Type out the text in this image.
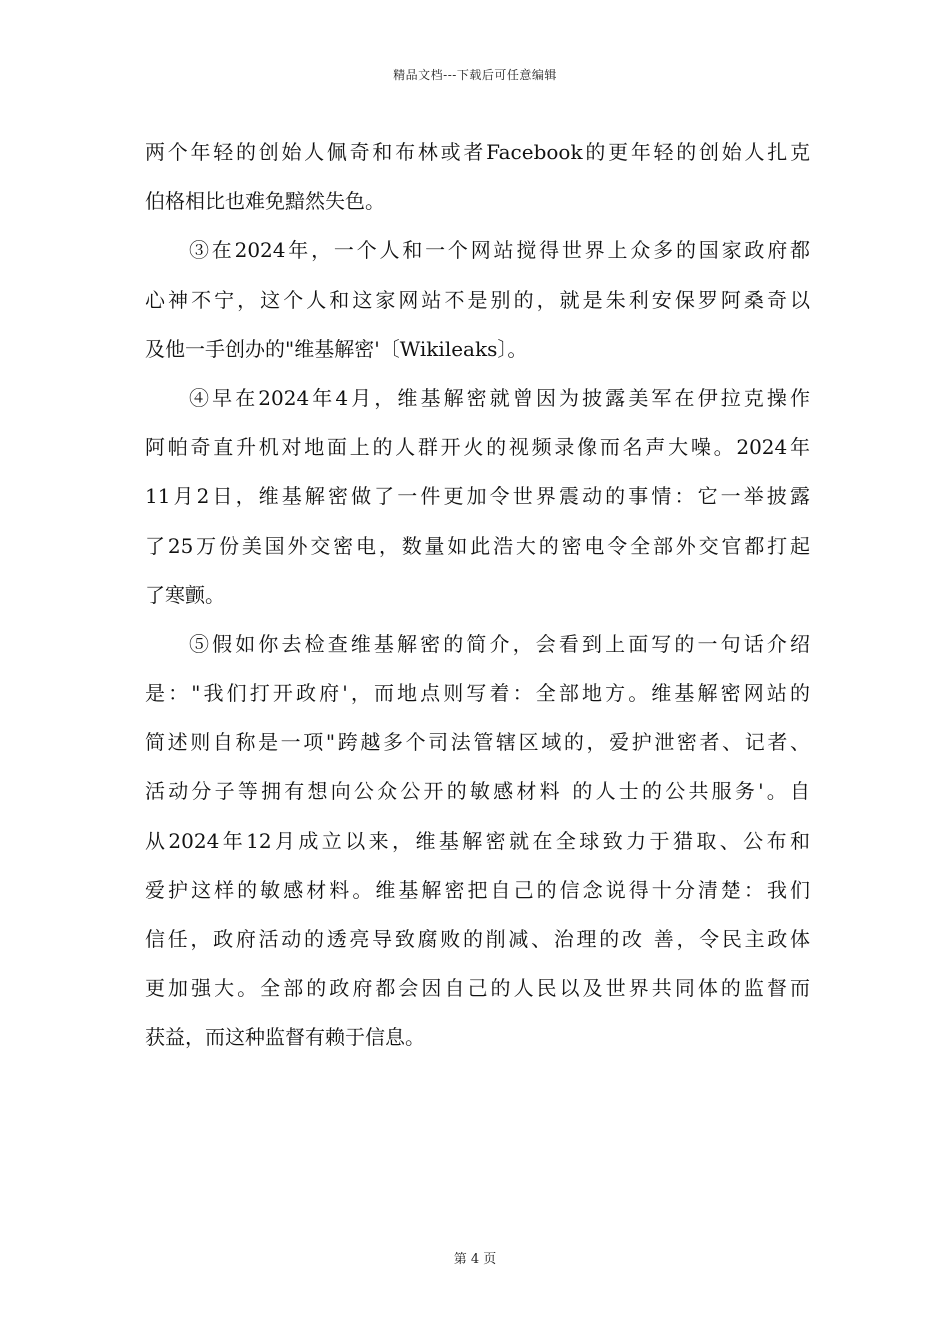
精品文档---下载后可任意编辑
两个年轻的创始人佩奇和布林或者Facebook的更年轻的创始人扎克
伯格相比也难免黯然失色。
③在2024年，一个人和一个网站搅得世界上众多的国家政府都
心神不宁，这个人和这家网站不是别的，就是朱利安保罗阿桑奇以
及他一手创办的"维基解密'〔Wikileaks〕。
④早在2024年4月，维基解密就曾因为披露美军在伊拉克操作
阿帕奇直升机对地面上的人群开火的视频录像而名声大噪。2024年
11月2日，维基解密做了一件更加令世界震动的事情：它一举披露
了25万份美国外交密电，数量如此浩大的密电令全部外交官都打起
了寒颤。
⑤假如你去检查维基解密的简介，会看到上面写的一句话介绍
是："我们打开政府'，而地点则写着：全部地方。维基解密网站的
简述则自称是一项"跨越多个司法管辖区域的，爱护泄密者、记者、
活动分子等拥有想向公众公开的敏感材料 的人士的公共服务'。自
从2024年12月成立以来，维基解密就在全球致力于猎取、公布和
爱护这样的敏感材料。维基解密把自己的信念说得十分清楚：我们
信任，政府活动的透亮导致腐败的削减、治理的改 善，令民主政体
更加强大。全部的政府都会因自己的人民以及世界共同体的监督而
获益，而这种监督有赖于信息。
第 4 页
